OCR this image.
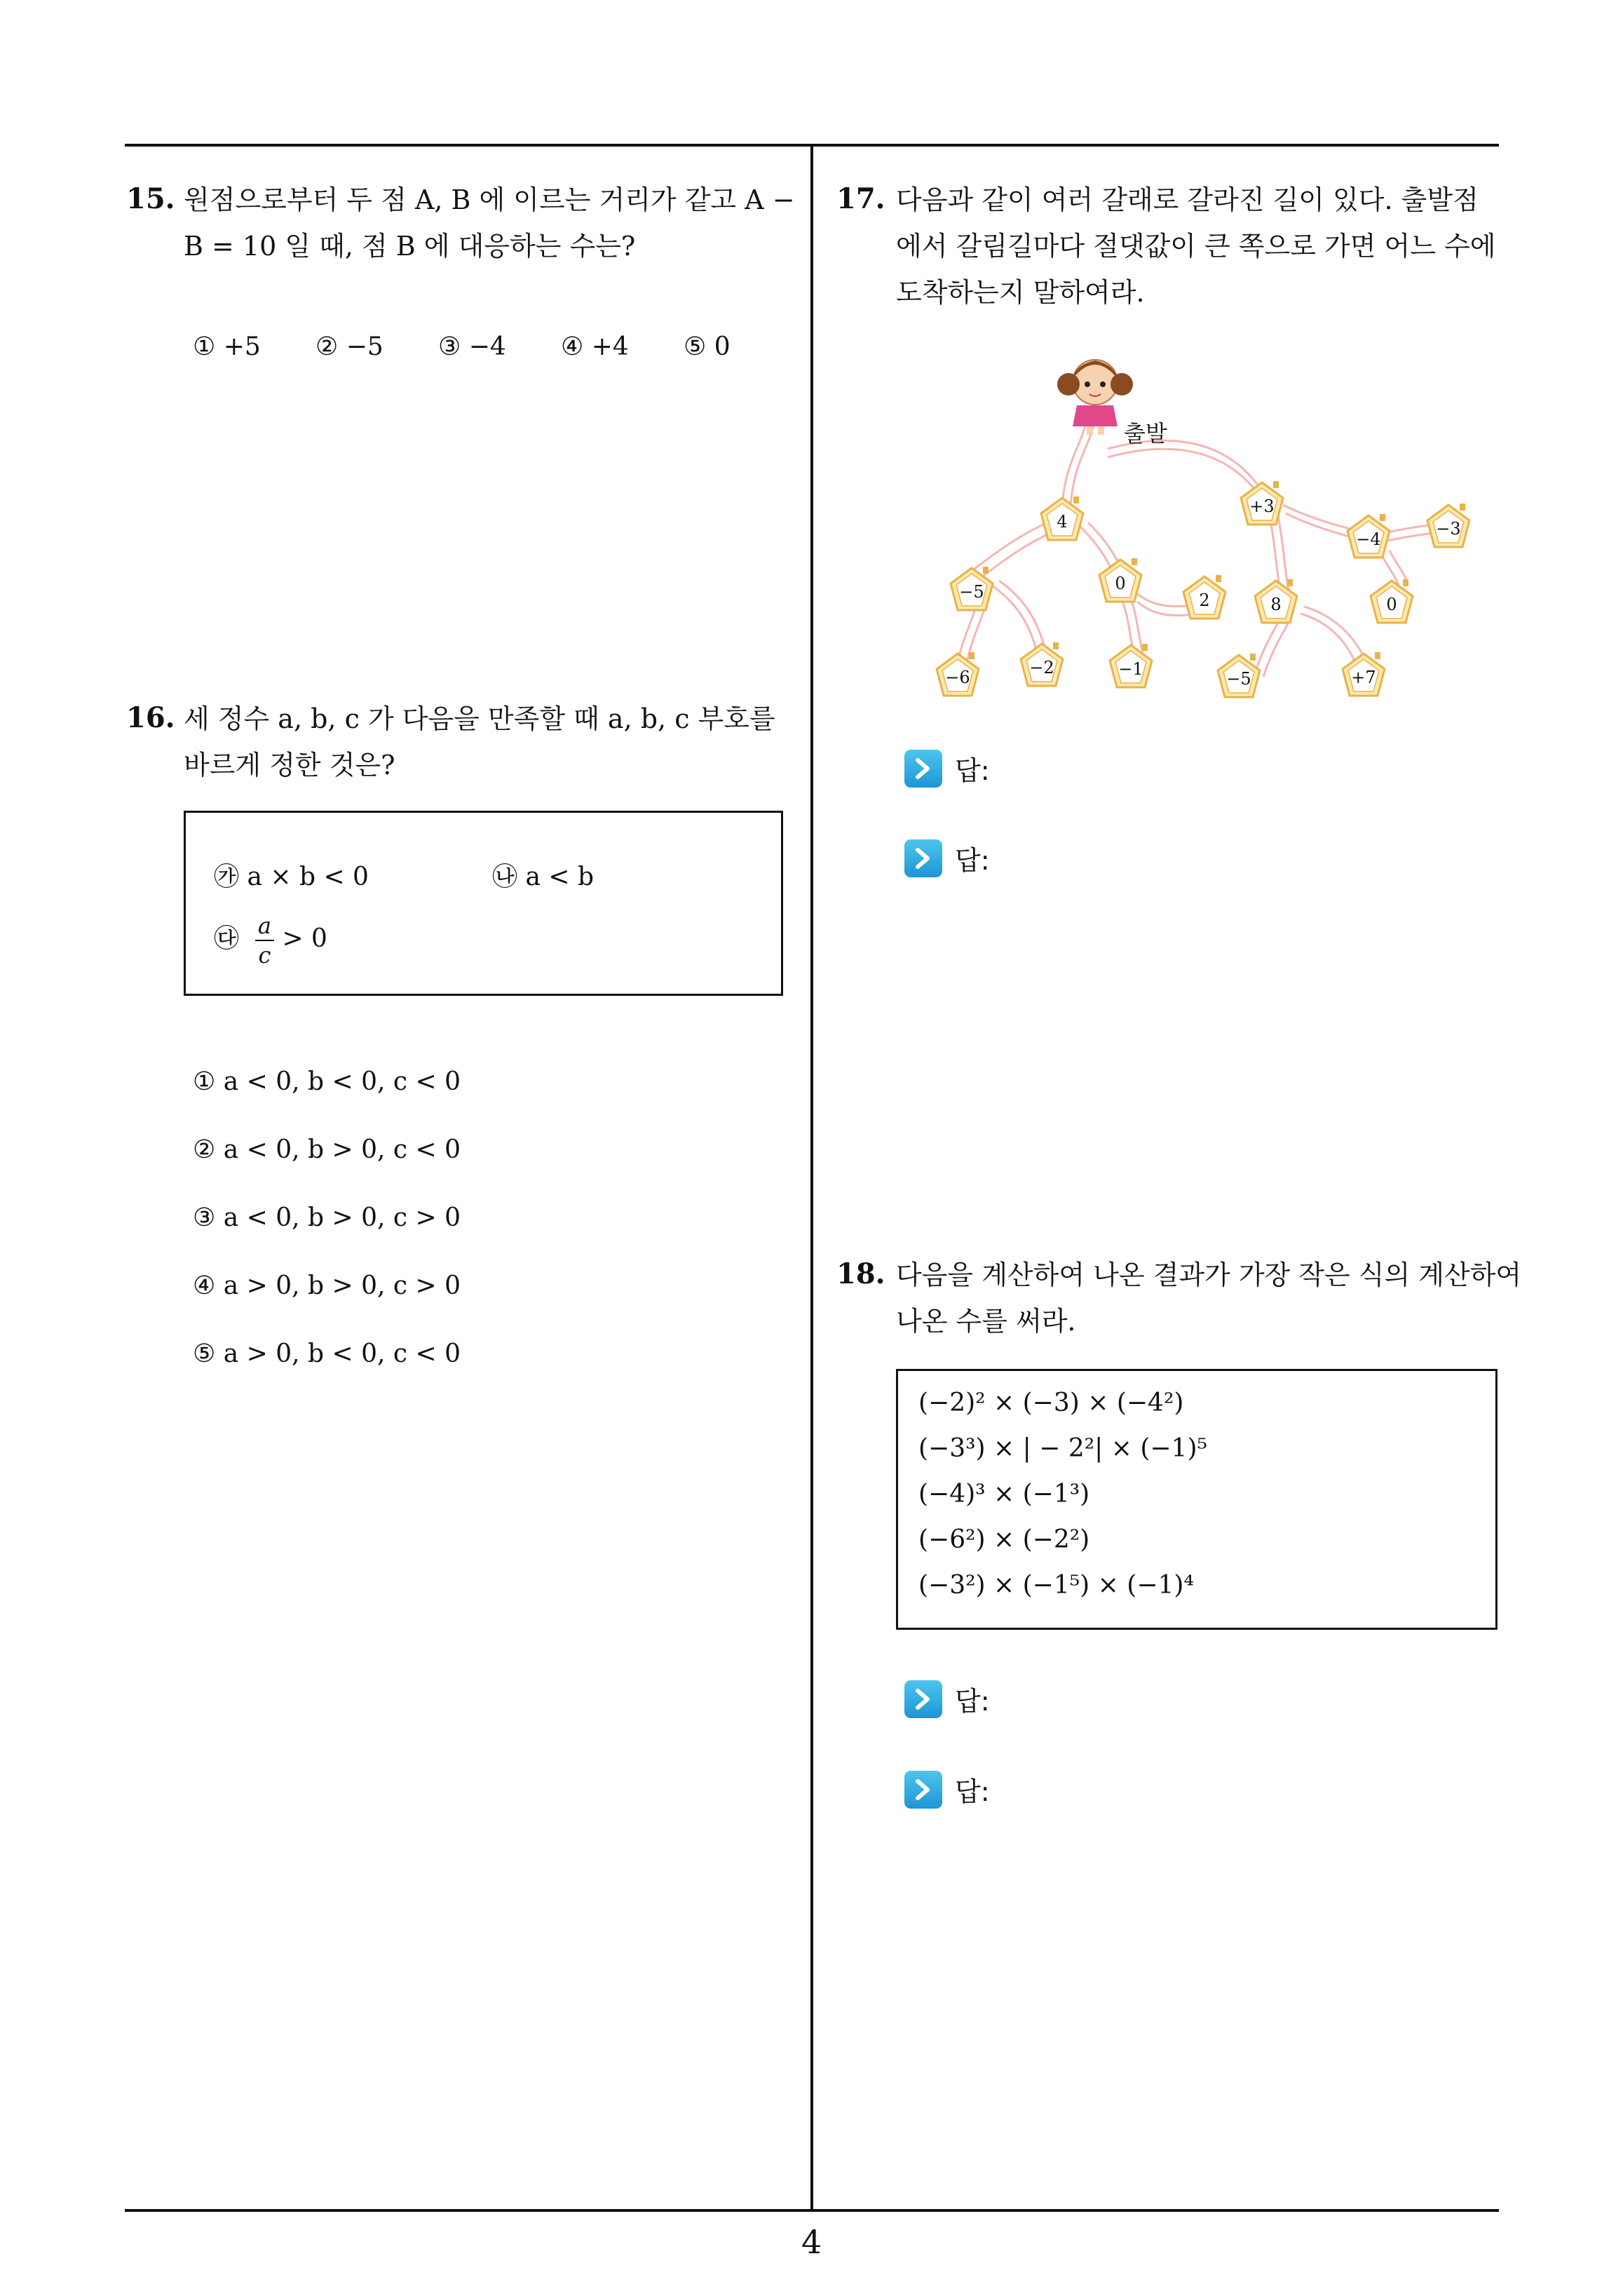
4
15. 원점으로부터 두 점 A, B 에 이르는 거리가 같고 A −
B = 10 일 때, 점 B 에 대응하는 수는?
① +5 ② −5 ③ −4 ④ +4 ⑤ 0
16. 세 정수 a, b, c 가 다음을 만족할 때 a, b, c 부호를
바르게 정한 것은?
㉮ a × b < 0	㉯ a < b
㉰ $\frac{a}{c} > 0$
① a < 0, b < 0, c < 0
② a < 0, b > 0, c < 0
③ a < 0, b > 0, c > 0
④ a > 0, b > 0, c > 0
⑤ a > 0, b < 0, c < 0
17. 다음과 같이 여러 갈래로 갈라진 길이 있다. 출발점
에서 갈림길마다 절댓값이 큰 쪽으로 가면 어느 수에
도착하는지 말하여라.
출발
4
+3
−4
−3
−5	0
2	8	0
−6	−2	−1	−5	+7
답:
답:
18. 다음을 계산하여 나온 결과가 가장 작은 식의 계산하여
나온 수를 써라.
(−2)² × (−3) × (−4²)
(−3³) × | − 2²| × (−1)⁵
(−4)³ × (−1³)
(−6²) × (−2²)
(−3²) × (−1⁵) × (−1)⁴
답:
답:
